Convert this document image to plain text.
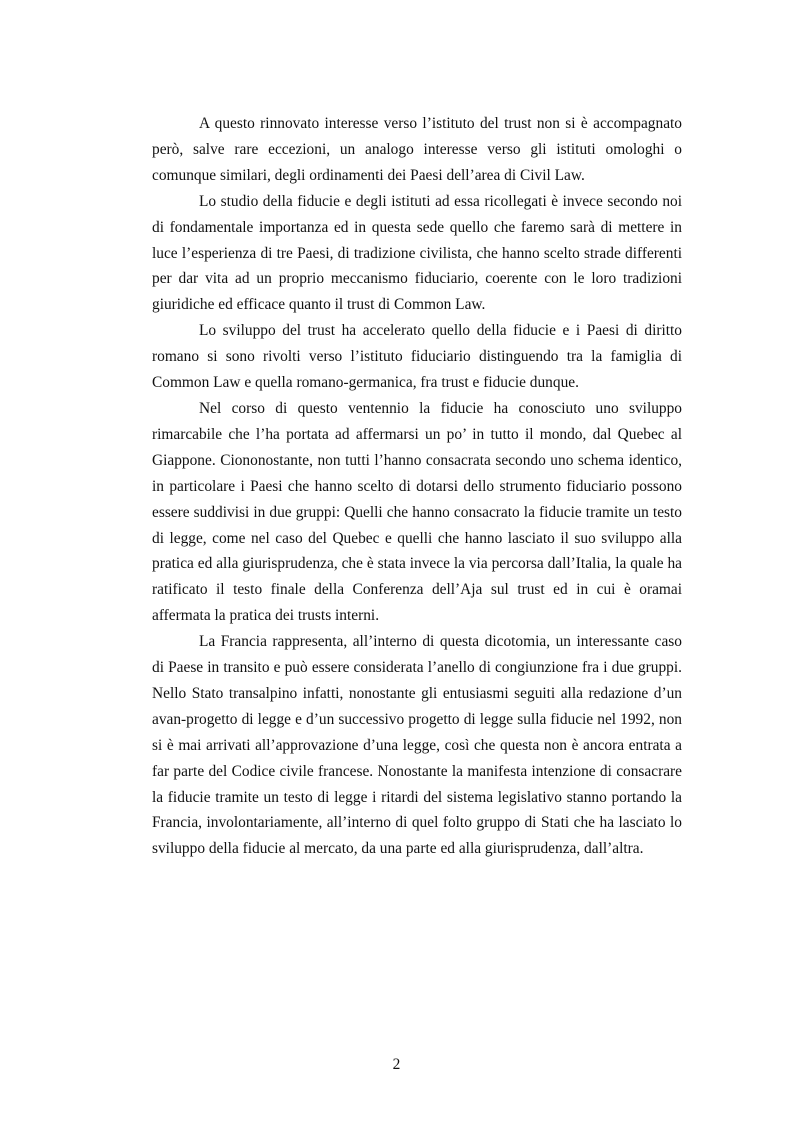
A questo rinnovato interesse verso l’istituto del trust non si è accompagnato però, salve rare eccezioni, un analogo interesse verso gli istituti omologhi o comunque similari, degli ordinamenti dei Paesi dell’area di Civil Law.

Lo studio della fiducie e degli istituti ad essa ricollegati è invece secondo noi di fondamentale importanza ed in questa sede quello che faremo sarà di mettere in luce l’esperienza di tre Paesi, di tradizione civilista, che hanno scelto strade differenti per dar vita ad un proprio meccanismo fiduciario, coerente con le loro tradizioni giuridiche ed efficace quanto il trust di Common Law.

Lo sviluppo del trust ha accelerato quello della fiducie e i Paesi di diritto romano si sono rivolti verso l’istituto fiduciario distinguendo tra la famiglia di Common Law e quella romano-germanica, fra trust e fiducie dunque.

Nel corso di questo ventennio la fiducie ha conosciuto uno sviluppo rimarcabile che l’ha portata ad affermarsi un po’ in tutto il mondo, dal Quebec al Giappone. Ciononostante, non tutti l’hanno consacrata secondo uno schema identico, in particolare i Paesi che hanno scelto di dotarsi dello strumento fiduciario possono essere suddivisi in due gruppi: Quelli che hanno consacrato la fiducie tramite un testo di legge, come nel caso del Quebec e quelli che hanno lasciato il suo sviluppo alla pratica ed alla giurisprudenza, che è stata invece la via percorsa dall’Italia, la quale ha ratificato il testo finale della Conferenza dell’Aja sul trust ed in cui è oramai affermata la pratica dei trusts interni.

La Francia rappresenta, all’interno di questa dicotomia, un interessante caso di Paese in transito e può essere considerata l’anello di congiunzione fra i due gruppi. Nello Stato transalpino infatti, nonostante gli entusiasmi seguiti alla redazione d’un avan-progetto di legge e d’un successivo progetto di legge sulla fiducie nel 1992, non si è mai arrivati all’approvazione d’una legge, così che questa non è ancora entrata a far parte del Codice civile francese. Nonostante la manifesta intenzione di consacrare la fiducie tramite un testo di legge i ritardi del sistema legislativo stanno portando la Francia, involontariamente, all’interno di quel folto gruppo di Stati che ha lasciato lo sviluppo della fiducie al mercato, da una parte ed alla giurisprudenza, dall’altra.

2
